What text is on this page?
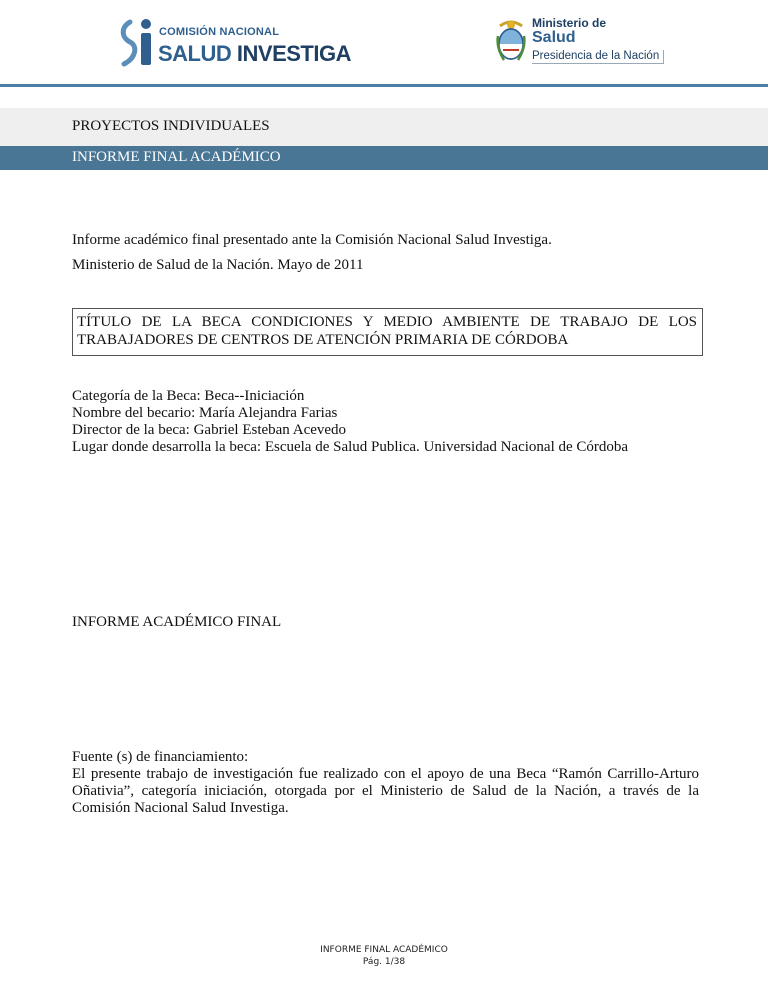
COMISIÓN NACIONAL
SALUD INVESTIGA
Ministerio de
Salud
Presidencia de la Nación
PROYECTOS INDIVIDUALES
INFORME FINAL ACADÉMICO
Informe académico final presentado ante la Comisión Nacional Salud Investiga.
Ministerio de Salud de la Nación. Mayo de 2011
TÍTULO DE LA BECA CONDICIONES Y MEDIO AMBIENTE DE TRABAJO DE LOS TRABAJADORES DE CENTROS DE ATENCIÓN PRIMARIA DE CÓRDOBA
Categoría de la Beca: Beca--Iniciación
Nombre del becario: María Alejandra Farias
Director de la beca: Gabriel Esteban Acevedo
Lugar donde desarrolla la beca: Escuela de Salud Publica. Universidad Nacional de Córdoba
INFORME ACADÉMICO FINAL
Fuente (s) de financiamiento:
El presente trabajo de investigación fue realizado con el apoyo de una Beca “Ramón Carrillo-Arturo Oñativia”, categoría iniciación, otorgada por el Ministerio de Salud de la Nación, a través de la Comisión Nacional Salud Investiga.
INFORME FINAL ACADÉMICO
Pág. 1/38
